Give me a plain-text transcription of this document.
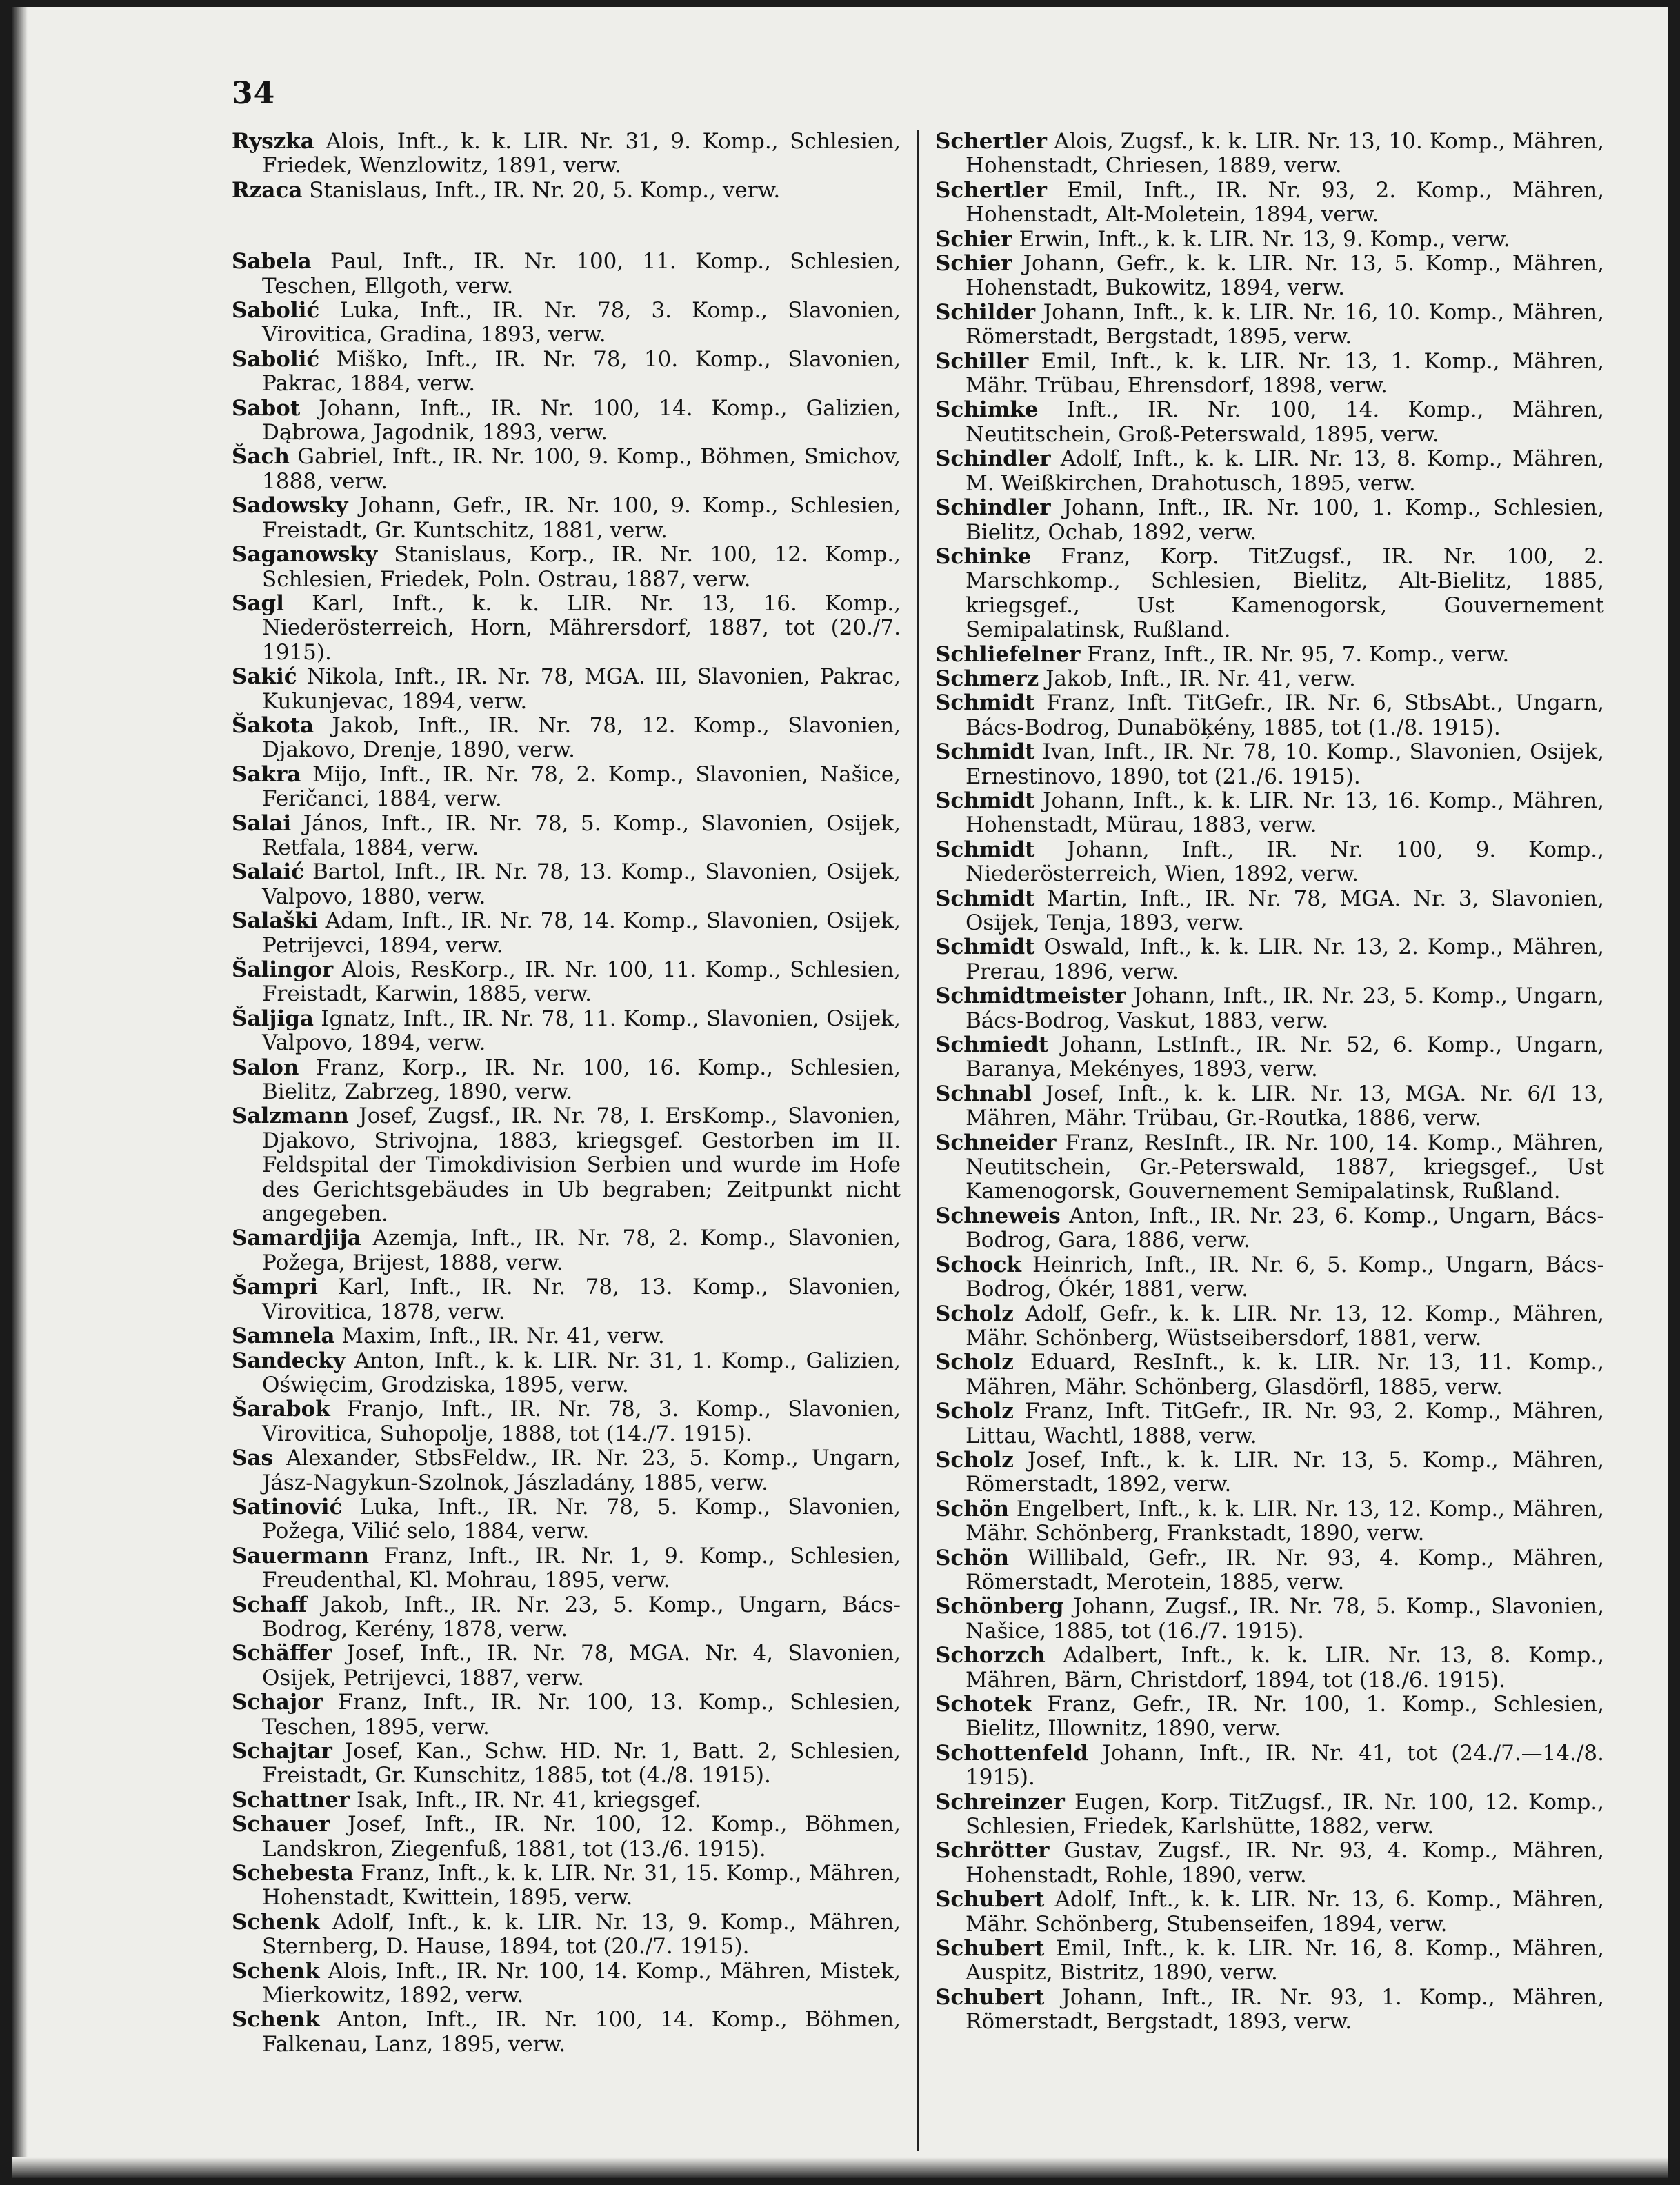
34

Ryszka Alois, Inft., k. k. LIR. Nr. 31, 9. Komp., Schlesien, Friedek, Wenzlowitz, 1891, verw.

Rzaca Stanislaus, Inft., IR. Nr. 20, 5. Komp., verw.

Sabela Paul, Inft., IR. Nr. 100, 11. Komp., Schlesien, Teschen, Ellgoth, verw.

Sabolić Luka, Inft., IR. Nr. 78, 3. Komp., Slavonien, Virovitica, Gradina, 1893, verw.

Sabolić Miško, Inft., IR. Nr. 78, 10. Komp., Slavonien, Pakrac, 1884, verw.

Sabot Johann, Inft., IR. Nr. 100, 14. Komp., Galizien, Dąbrowa, Jagodnik, 1893, verw.

Šach Gabriel, Inft., IR. Nr. 100, 9. Komp., Böhmen, Smichov, 1888, verw.

Sadowsky Johann, Gefr., IR. Nr. 100, 9. Komp., Schlesien, Freistadt, Gr. Kuntschitz, 1881, verw.

Saganowsky Stanislaus, Korp., IR. Nr. 100, 12. Komp., Schlesien, Friedek, Poln. Ostrau, 1887, verw.

Sagl Karl, Inft., k. k. LIR. Nr. 13, 16. Komp., Niederösterreich, Horn, Mährersdorf, 1887, tot (20./7. 1915).

Sakić Nikola, Inft., IR. Nr. 78, MGA. III, Slavonien, Pakrac, Kukunjevac, 1894, verw.

Šakota Jakob, Inft., IR. Nr. 78, 12. Komp., Slavonien, Djakovo, Drenje, 1890, verw.

Sakra Mijo, Inft., IR. Nr. 78, 2. Komp., Slavonien, Našice, Feričanci, 1884, verw.

Salai János, Inft., IR. Nr. 78, 5. Komp., Slavonien, Osijek, Retfala, 1884, verw.

Salaić Bartol, Inft., IR. Nr. 78, 13. Komp., Slavonien, Osijek, Valpovo, 1880, verw.

Salaški Adam, Inft., IR. Nr. 78, 14. Komp., Slavonien, Osijek, Petrijevci, 1894, verw.

Šalingor Alois, ResKorp., IR. Nr. 100, 11. Komp., Schlesien, Freistadt, Karwin, 1885, verw.

Šaljiga Ignatz, Inft., IR. Nr. 78, 11. Komp., Slavonien, Osijek, Valpovo, 1894, verw.

Salon Franz, Korp., IR. Nr. 100, 16. Komp., Schlesien, Bielitz, Zabrzeg, 1890, verw.

Salzmann Josef, Zugsf., IR. Nr. 78, I. ErsKomp., Slavonien, Djakovo, Strivojna, 1883, kriegsgef. Gestorben im II. Feldspital der Timokdivision Serbien und wurde im Hofe des Gerichtsgebäudes in Ub begraben; Zeitpunkt nicht angegeben.

Samardjija Azemja, Inft., IR. Nr. 78, 2. Komp., Slavonien, Požega, Brijest, 1888, verw.

Šampri Karl, Inft., IR. Nr. 78, 13. Komp., Slavonien, Virovitica, 1878, verw.

Samnela Maxim, Inft., IR. Nr. 41, verw.

Sandecky Anton, Inft., k. k. LIR. Nr. 31, 1. Komp., Galizien, Oświęcim, Grodziska, 1895, verw.

Šarabok Franjo, Inft., IR. Nr. 78, 3. Komp., Slavonien, Virovitica, Suhopolje, 1888, tot (14./7. 1915).

Sas Alexander, StbsFeldw., IR. Nr. 23, 5. Komp., Ungarn, Jász-Nagykun-Szolnok, Jászladány, 1885, verw.

Satinović Luka, Inft., IR. Nr. 78, 5. Komp., Slavonien, Požega, Vilić selo, 1884, verw.

Sauermann Franz, Inft., IR. Nr. 1, 9. Komp., Schlesien, Freudenthal, Kl. Mohrau, 1895, verw.

Schaff Jakob, Inft., IR. Nr. 23, 5. Komp., Ungarn, Bács-Bodrog, Kerény, 1878, verw.

Schäffer Josef, Inft., IR. Nr. 78, MGA. Nr. 4, Slavonien, Osijek, Petrijevci, 1887, verw.

Schajor Franz, Inft., IR. Nr. 100, 13. Komp., Schlesien, Teschen, 1895, verw.

Schajtar Josef, Kan., Schw. HD. Nr. 1, Batt. 2, Schlesien, Freistadt, Gr. Kunschitz, 1885, tot (4./8. 1915).

Schattner Isak, Inft., IR. Nr. 41, kriegsgef.

Schauer Josef, Inft., IR. Nr. 100, 12. Komp., Böhmen, Landskron, Ziegenfuß, 1881, tot (13./6. 1915).

Schebesta Franz, Inft., k. k. LIR. Nr. 31, 15. Komp., Mähren, Hohenstadt, Kwittein, 1895, verw.

Schenk Adolf, Inft., k. k. LIR. Nr. 13, 9. Komp., Mähren, Sternberg, D. Hause, 1894, tot (20./7. 1915).

Schenk Alois, Inft., IR. Nr. 100, 14. Komp., Mähren, Mistek, Mierkowitz, 1892, verw.

Schenk Anton, Inft., IR. Nr. 100, 14. Komp., Böhmen, Falkenau, Lanz, 1895, verw.

Schertler Alois, Zugsf., k. k. LIR. Nr. 13, 10. Komp., Mähren, Hohenstadt, Chriesen, 1889, verw.

Schertler Emil, Inft., IR. Nr. 93, 2. Komp., Mähren, Hohenstadt, Alt-Moletein, 1894, verw.

Schier Erwin, Inft., k. k. LIR. Nr. 13, 9. Komp., verw.

Schier Johann, Gefr., k. k. LIR. Nr. 13, 5. Komp., Mähren, Hohenstadt, Bukowitz, 1894, verw.

Schilder Johann, Inft., k. k. LIR. Nr. 16, 10. Komp., Mähren, Römerstadt, Bergstadt, 1895, verw.

Schiller Emil, Inft., k. k. LIR. Nr. 13, 1. Komp., Mähren, Mähr. Trübau, Ehrensdorf, 1898, verw.

Schimke Inft., IR. Nr. 100, 14. Komp., Mähren, Neutitschein, Groß-Peterswald, 1895, verw.

Schindler Adolf, Inft., k. k. LIR. Nr. 13, 8. Komp., Mähren, M. Weißkirchen, Drahotusch, 1895, verw.

Schindler Johann, Inft., IR. Nr. 100, 1. Komp., Schlesien, Bielitz, Ochab, 1892, verw.

Schinke Franz, Korp. TitZugsf., IR. Nr. 100, 2. Marschkomp., Schlesien, Bielitz, Alt-Bielitz, 1885, kriegsgef., Ust Kamenogorsk, Gouvernement Semipalatinsk, Rußland.

Schliefelner Franz, Inft., IR. Nr. 95, 7. Komp., verw.

Schmerz Jakob, Inft., IR. Nr. 41, verw.

Schmidt Franz, Inft. TitGefr., IR. Nr. 6, StbsAbt., Ungarn, Bács-Bodrog, Dunaböķény, 1885, tot (1./8. 1915).

Schmidt Ivan, Inft., IR. Nr. 78, 10. Komp., Slavonien, Osijek, Ernestinovo, 1890, tot (21./6. 1915).

Schmidt Johann, Inft., k. k. LIR. Nr. 13, 16. Komp., Mähren, Hohenstadt, Mürau, 1883, verw.

Schmidt Johann, Inft., IR. Nr. 100, 9. Komp., Niederösterreich, Wien, 1892, verw.

Schmidt Martin, Inft., IR. Nr. 78, MGA. Nr. 3, Slavonien, Osijek, Tenja, 1893, verw.

Schmidt Oswald, Inft., k. k. LIR. Nr. 13, 2. Komp., Mähren, Prerau, 1896, verw.

Schmidtmeister Johann, Inft., IR. Nr. 23, 5. Komp., Ungarn, Bács-Bodrog, Vaskut, 1883, verw.

Schmiedt Johann, LstInft., IR. Nr. 52, 6. Komp., Ungarn, Baranya, Mekényes, 1893, verw.

Schnabl Josef, Inft., k. k. LIR. Nr. 13, MGA. Nr. 6/I 13, Mähren, Mähr. Trübau, Gr.-Routka, 1886, verw.

Schneider Franz, ResInft., IR. Nr. 100, 14. Komp., Mähren, Neutitschein, Gr.-Peterswald, 1887, kriegsgef., Ust Kamenogorsk, Gouvernement Semipalatinsk, Rußland.

Schneweis Anton, Inft., IR. Nr. 23, 6. Komp., Ungarn, Bács-Bodrog, Gara, 1886, verw.

Schock Heinrich, Inft., IR. Nr. 6, 5. Komp., Ungarn, Bács-Bodrog, Ókér, 1881, verw.

Scholz Adolf, Gefr., k. k. LIR. Nr. 13, 12. Komp., Mähren, Mähr. Schönberg, Wüstseibersdorf, 1881, verw.

Scholz Eduard, ResInft., k. k. LIR. Nr. 13, 11. Komp., Mähren, Mähr. Schönberg, Glasdörfl, 1885, verw.

Scholz Franz, Inft. TitGefr., IR. Nr. 93, 2. Komp., Mähren, Littau, Wachtl, 1888, verw.

Scholz Josef, Inft., k. k. LIR. Nr. 13, 5. Komp., Mähren, Römerstadt, 1892, verw.

Schön Engelbert, Inft., k. k. LIR. Nr. 13, 12. Komp., Mähren, Mähr. Schönberg, Frankstadt, 1890, verw.

Schön Willibald, Gefr., IR. Nr. 93, 4. Komp., Mähren, Römerstadt, Merotein, 1885, verw.

Schönberg Johann, Zugsf., IR. Nr. 78, 5. Komp., Slavonien, Našice, 1885, tot (16./7. 1915).

Schorzch Adalbert, Inft., k. k. LIR. Nr. 13, 8. Komp., Mähren, Bärn, Christdorf, 1894, tot (18./6. 1915).

Schotek Franz, Gefr., IR. Nr. 100, 1. Komp., Schlesien, Bielitz, Illownitz, 1890, verw.

Schottenfeld Johann, Inft., IR. Nr. 41, tot (24./7.—14./8. 1915).

Schreinzer Eugen, Korp. TitZugsf., IR. Nr. 100, 12. Komp., Schlesien, Friedek, Karlshütte, 1882, verw.

Schrötter Gustav, Zugsf., IR. Nr. 93, 4. Komp., Mähren, Hohenstadt, Rohle, 1890, verw.

Schubert Adolf, Inft., k. k. LIR. Nr. 13, 6. Komp., Mähren, Mähr. Schönberg, Stubenseifen, 1894, verw.

Schubert Emil, Inft., k. k. LIR. Nr. 16, 8. Komp., Mähren, Auspitz, Bistritz, 1890, verw.

Schubert Johann, Inft., IR. Nr. 93, 1. Komp., Mähren, Römerstadt, Bergstadt, 1893, verw.
